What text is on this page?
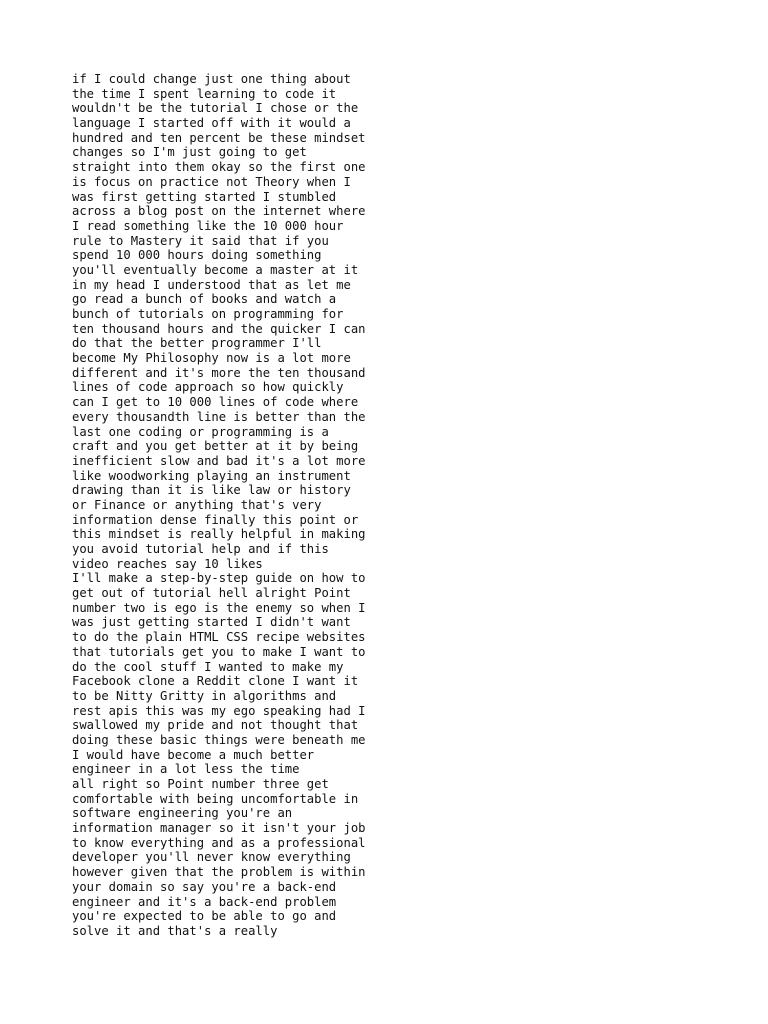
if I could change just one thing about

the time I spent learning to code it

wouldn't be the tutorial I chose or the

language I started off with it would a

hundred and ten percent be these mindset

changes so I'm just going to get

straight into them okay so the first one

is focus on practice not Theory when I

was first getting started I stumbled

across a blog post on the internet where

I read something like the 10 000 hour

rule to Mastery it said that if you

spend 10 000 hours doing something

you'll eventually become a master at it

in my head I understood that as let me

go read a bunch of books and watch a

bunch of tutorials on programming for

ten thousand hours and the quicker I can

do that the better programmer I'll

become My Philosophy now is a lot more

different and it's more the ten thousand

lines of code approach so how quickly

can I get to 10 000 lines of code where

every thousandth line is better than the

last one coding or programming is a

craft and you get better at it by being

inefficient slow and bad it's a lot more

like woodworking playing an instrument

drawing than it is like law or history

or Finance or anything that's very

information dense finally this point or

this mindset is really helpful in making

you avoid tutorial help and if this

video reaches say 10 likes

I'll make a step-by-step guide on how to

get out of tutorial hell alright Point

number two is ego is the enemy so when I

was just getting started I didn't want

to do the plain HTML CSS recipe websites

that tutorials get you to make I want to

do the cool stuff I wanted to make my

Facebook clone a Reddit clone I want it

to be Nitty Gritty in algorithms and

rest apis this was my ego speaking had I

swallowed my pride and not thought that

doing these basic things were beneath me

I would have become a much better

engineer in a lot less the time

all right so Point number three get

comfortable with being uncomfortable in

software engineering you're an

information manager so it isn't your job

to know everything and as a professional

developer you'll never know everything

however given that the problem is within

your domain so say you're a back-end

engineer and it's a back-end problem

you're expected to be able to go and

solve it and that's a really
